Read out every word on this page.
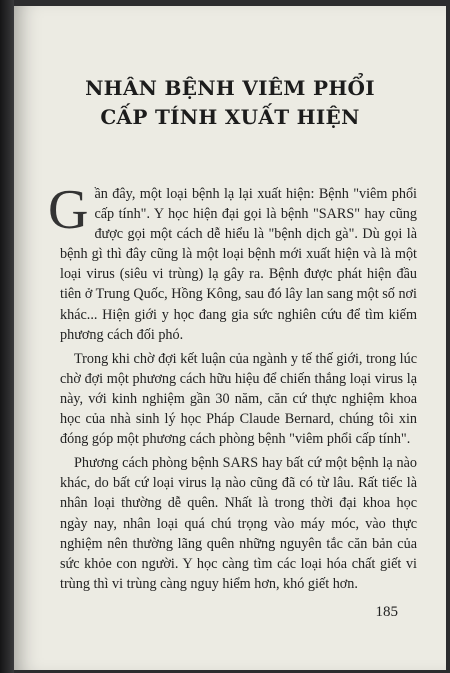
NHÂN BỆNH VIÊM PHỔI
CẤP TÍNH XUẤT HIỆN

G ần đây, một loại bệnh lạ lại xuất hiện: Bệnh "viêm phổi cấp tính". Y học hiện đại gọi là bệnh "SARS" hay cũng được gọi một cách dễ hiểu là "bệnh dịch gà". Dù gọi là bệnh gì thì đây cũng là một loại bệnh mới xuất hiện và là một loại virus (siêu vi trùng) lạ gây ra. Bệnh được phát hiện đầu tiên ở Trung Quốc, Hồng Kông, sau đó lây lan sang một số nơi khác... Hiện giới y học đang gia sức nghiên cứu để tìm kiếm phương cách đối phó.

Trong khi chờ đợi kết luận của ngành y tế thế giới, trong lúc chờ đợi một phương cách hữu hiệu để chiến thắng loại virus lạ này, với kinh nghiệm gần 30 năm, căn cứ thực nghiệm khoa học của nhà sinh lý học Pháp Claude Bernard, chúng tôi xin đóng góp một phương cách phòng bệnh "viêm phổi cấp tính".

Phương cách phòng bệnh SARS hay bất cứ một bệnh lạ nào khác, do bất cứ loại virus lạ nào cũng đã có từ lâu. Rất tiếc là nhân loại thường dễ quên. Nhất là trong thời đại khoa học ngày nay, nhân loại quá chú trọng vào máy móc, vào thực nghiệm nên thường lãng quên những nguyên tắc căn bản của sức khỏe con người. Y học càng tìm các loại hóa chất giết vi trùng thì vi trùng càng nguy hiểm hơn, khó giết hơn.

185
